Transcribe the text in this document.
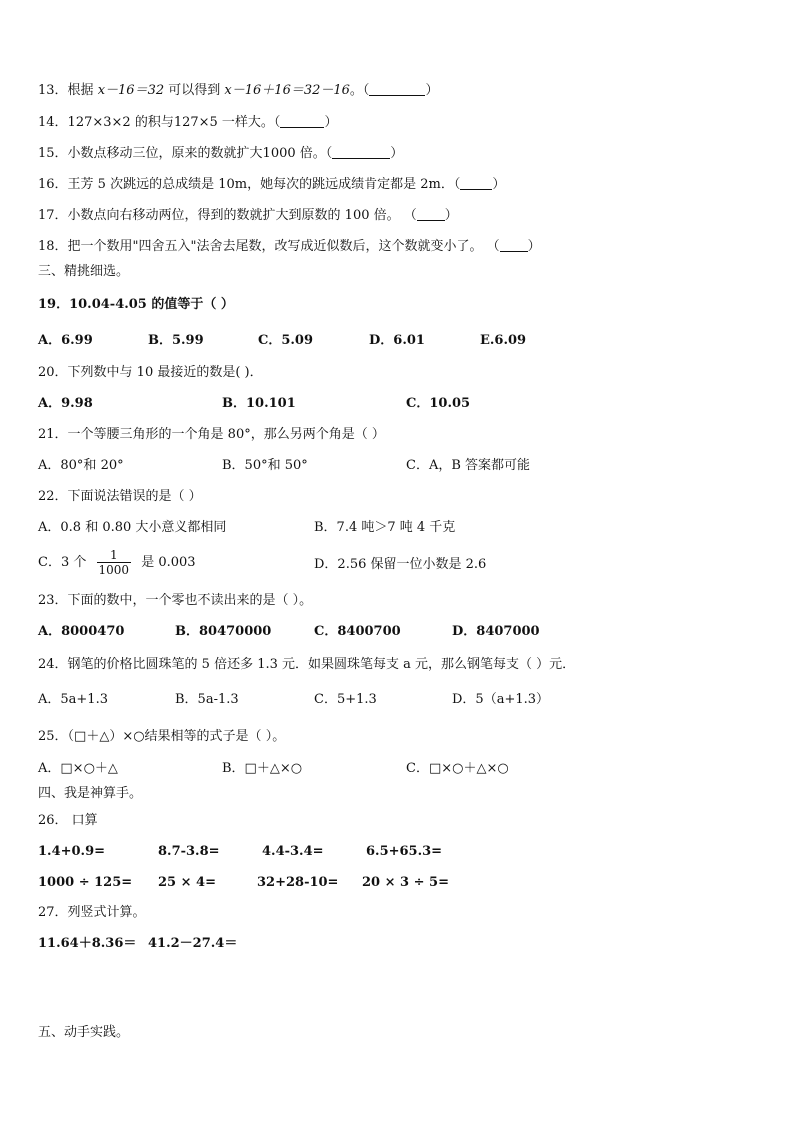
13．根据 x－16＝32 可以得到 x－16＋16＝32－16。（	）
14．127×3×2 的积与127×5 一样大。（	）
15．小数点移动三位，原来的数就扩大1000 倍。（	）
16．王芳 5 次跳远的总成绩是 10m，她每次的跳远成绩肯定都是 2m．（ ）
17．小数点向右移动两位，得到的数就扩大到原数的 100 倍。 （ ）
18．把一个数用"四舍五入"法舍去尾数，改写成近似数后，这个数就变小了。 （ ）
三、精挑细选。
19．10.04-4.05 的值等于（ ）
A．6.99	B．5.99	C．5.09	D．6.01	E.6.09
20．下列数中与 10 最接近的数是( )．
A．9.98	B．10.101	C．10.05
21．一个等腰三角形的一个角是 80°，那么另两个角是（ ）
A．80°和 20°	B．50°和 50°	C．A，B 答案都可能
22．下面说法错误的是（ ）
A．0.8 和 0.80 大小意义都相同	B．7.4 吨＞7 吨 4 千克
C．3 个 $\frac{1}{1000}$ 是 0.003	D．2.56 保留一位小数是 2.6
23．下面的数中，一个零也不读出来的是（ ）。
A．8000470	B．80470000	C．8400700	D．8407000
24．钢笔的价格比圆珠笔的 5 倍还多 1.3 元．如果圆珠笔每支 a 元，那么钢笔每支（ ）元．
A．5a+1.3	B．5a-1.3	C．5+1.3	D．5（a+1.3）
25．（□＋△）×○结果相等的式子是（ ）。
A．□×○＋△	B．□＋△×○	C．□×○＋△×○
四、我是神算手。
26． 口算
1.4+0.9=	8.7-3.8=	4.4-3.4=	6.5+65.3=
1000 ÷ 125= 25 × 4=	32+28-10= 20 × 3 ÷ 5=
27．列竖式计算。
11.64＋8.36＝ 41.2－27.4＝
五、动手实践。
